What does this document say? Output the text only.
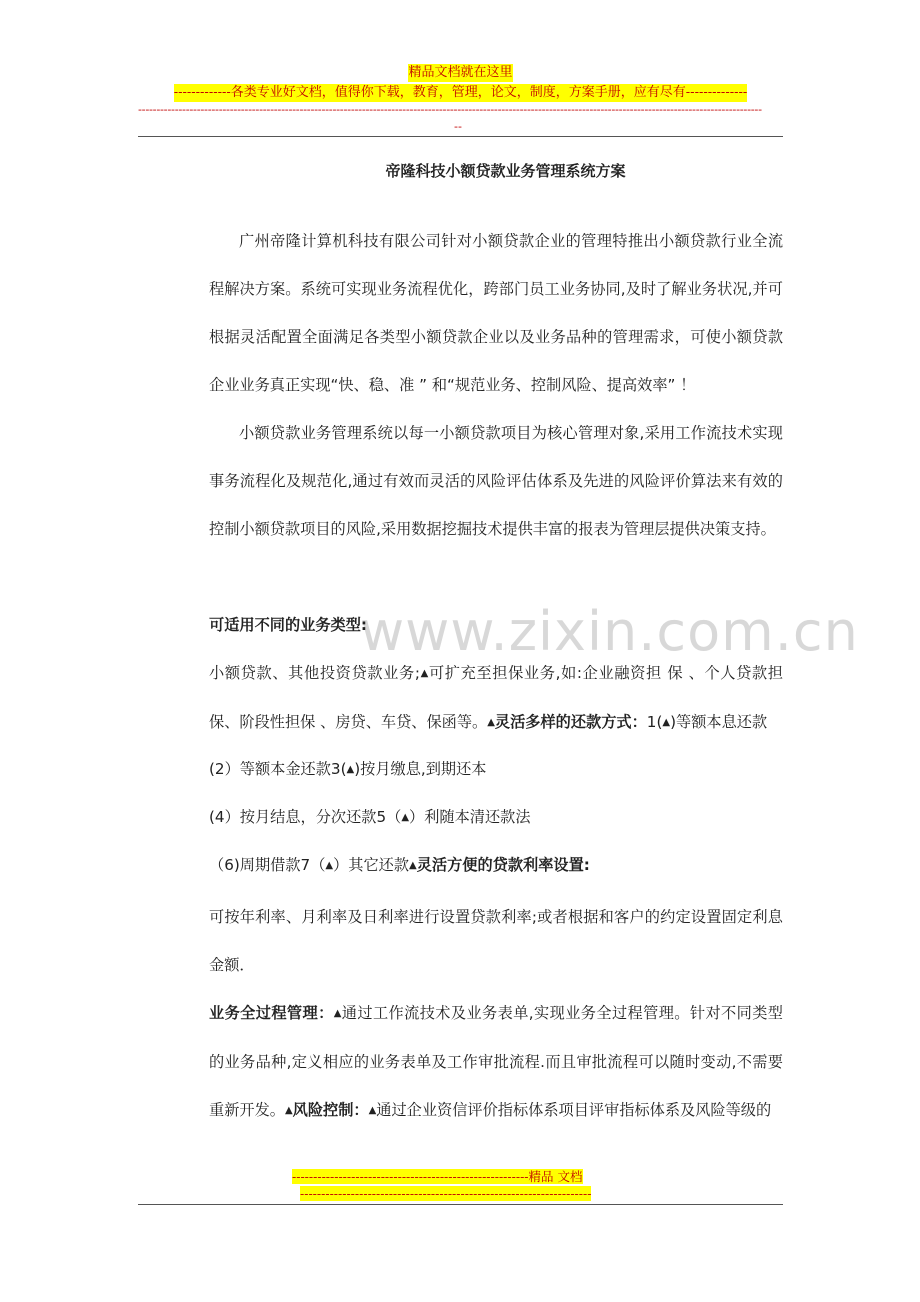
精品文档就在这里
-------------各类专业好文档，值得你下载，教育，管理，论文，制度，方案手册，应有尽有--------------
--------------------------------------------------------------------------------------------------------------------------------------------------------------------------
--
帝隆科技小额贷款业务管理系统方案
广州帝隆计算机科技有限公司针对小额贷款企业的管理特推出小额贷款行业全流程解决方案。系统可实现业务流程优化，跨部门员工业务协同,及时了解业务状况,并可根据灵活配置全面满足各类型小额贷款企业以及业务品种的管理需求，可使小额贷款企业业务真正实现“快、稳、准 ” 和“规范业务、控制风险、提高效率” ！
小额贷款业务管理系统以每一小额贷款项目为核心管理对象,采用工作流技术实现事务流程化及规范化,通过有效而灵活的风险评估体系及先进的风险评价算法来有效的控制小额贷款项目的风险,采用数据挖掘技术提供丰富的报表为管理层提供决策支持。
www.zixin.com.cn
可适用不同的业务类型:
小额贷款、其他投资贷款业务;▲可扩充至担保业务,如:企业融资担 保 、个人贷款担保、阶段性担保 、房贷、车贷、保函等。▲灵活多样的还款方式：1(▲)等额本息还款
(2）等额本金还款3(▲)按月缴息,到期还本
(4）按月结息，分次还款5（▲）利随本清还款法
（6)周期借款7（▲）其它还款▲灵活方便的贷款利率设置:
可按年利率、月利率及日利率进行设置贷款利率;或者根据和客户的约定设置固定利息金额．
业务全过程管理：▲通过工作流技术及业务表单,实现业务全过程管理。针对不同类型的业务品种,定义相应的业务表单及工作审批流程.而且审批流程可以随时变动,不需要重新开发。▲风险控制：▲通过企业资信评价指标体系项目评审指标体系及风险等级的
--------------------------------------------------------精品 文档
---------------------------------------------------------------------
